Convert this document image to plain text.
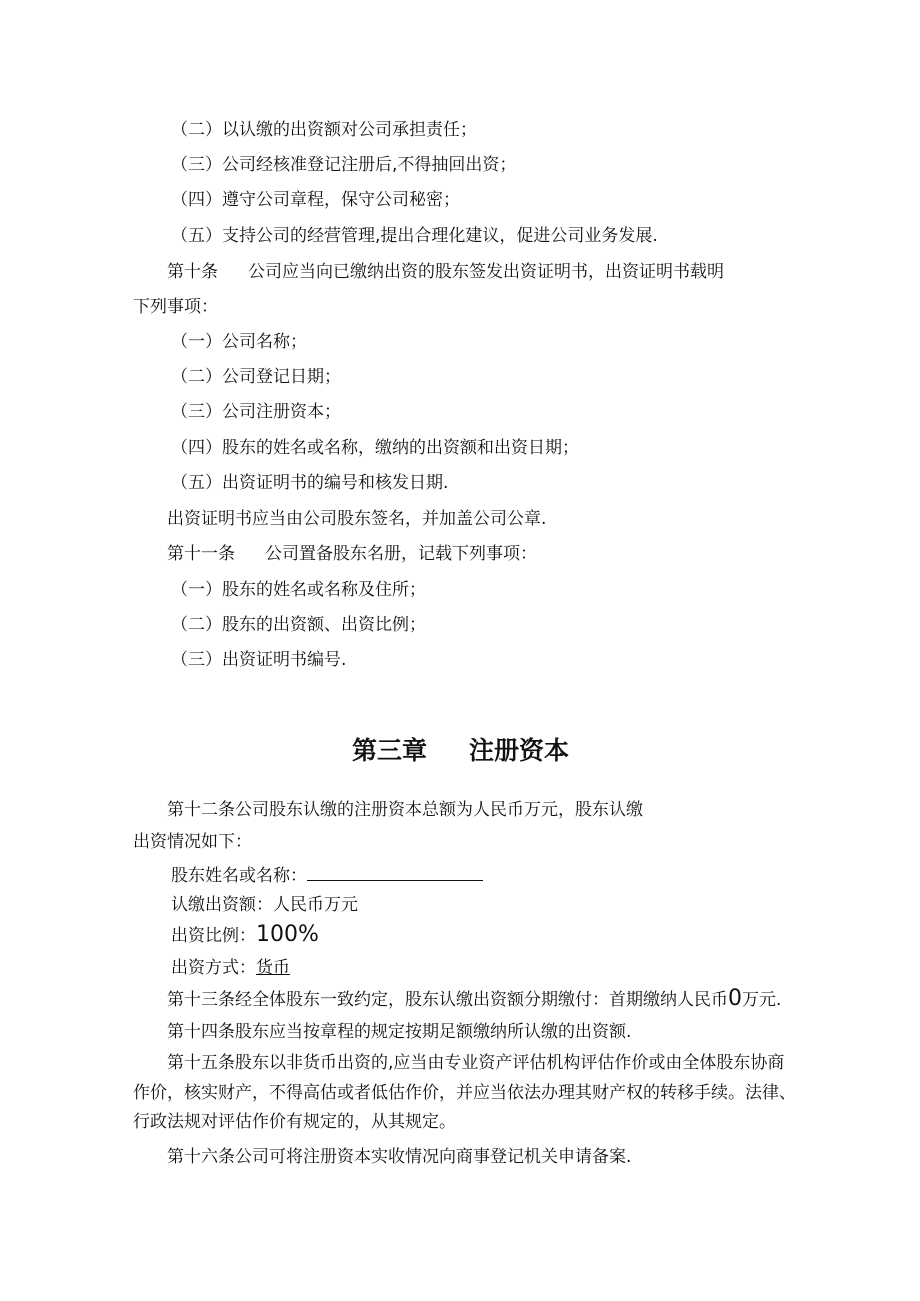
（二）以认缴的出资额对公司承担责任；

（三）公司经核准登记注册后,不得抽回出资；

（四）遵守公司章程，保守公司秘密；

（五）支持公司的经营管理,提出合理化建议，促进公司业务发展.

第十条 公司应当向已缴纳出资的股东签发出资证明书，出资证明书载明

下列事项：

（一）公司名称；

（二）公司登记日期；

（三）公司注册资本；

（四）股东的姓名或名称，缴纳的出资额和出资日期；

（五）出资证明书的编号和核发日期.

出资证明书应当由公司股东签名，并加盖公司公章.

第十一条 公司置备股东名册，记载下列事项：

（一）股东的姓名或名称及住所；

（二）股东的出资额、出资比例；

（三）出资证明书编号.

第三章 注册资本

第十二条公司股东认缴的注册资本总额为人民币万元，股东认缴

出资情况如下：

股东姓名或名称：

认缴出资额：人民币万元

出资比例：100%

出资方式：货币

第十三条经全体股东一致约定，股东认缴出资额分期缴付：首期缴纳人民币0万元.

第十四条股东应当按章程的规定按期足额缴纳所认缴的出资额.

第十五条股东以非货币出资的,应当由专业资产评估机构评估作价或由全体股东协商

作价，核实财产，不得高估或者低估作价，并应当依法办理其财产权的转移手续。法律、

行政法规对评估作价有规定的，从其规定。

第十六条公司可将注册资本实收情况向商事登记机关申请备案.
